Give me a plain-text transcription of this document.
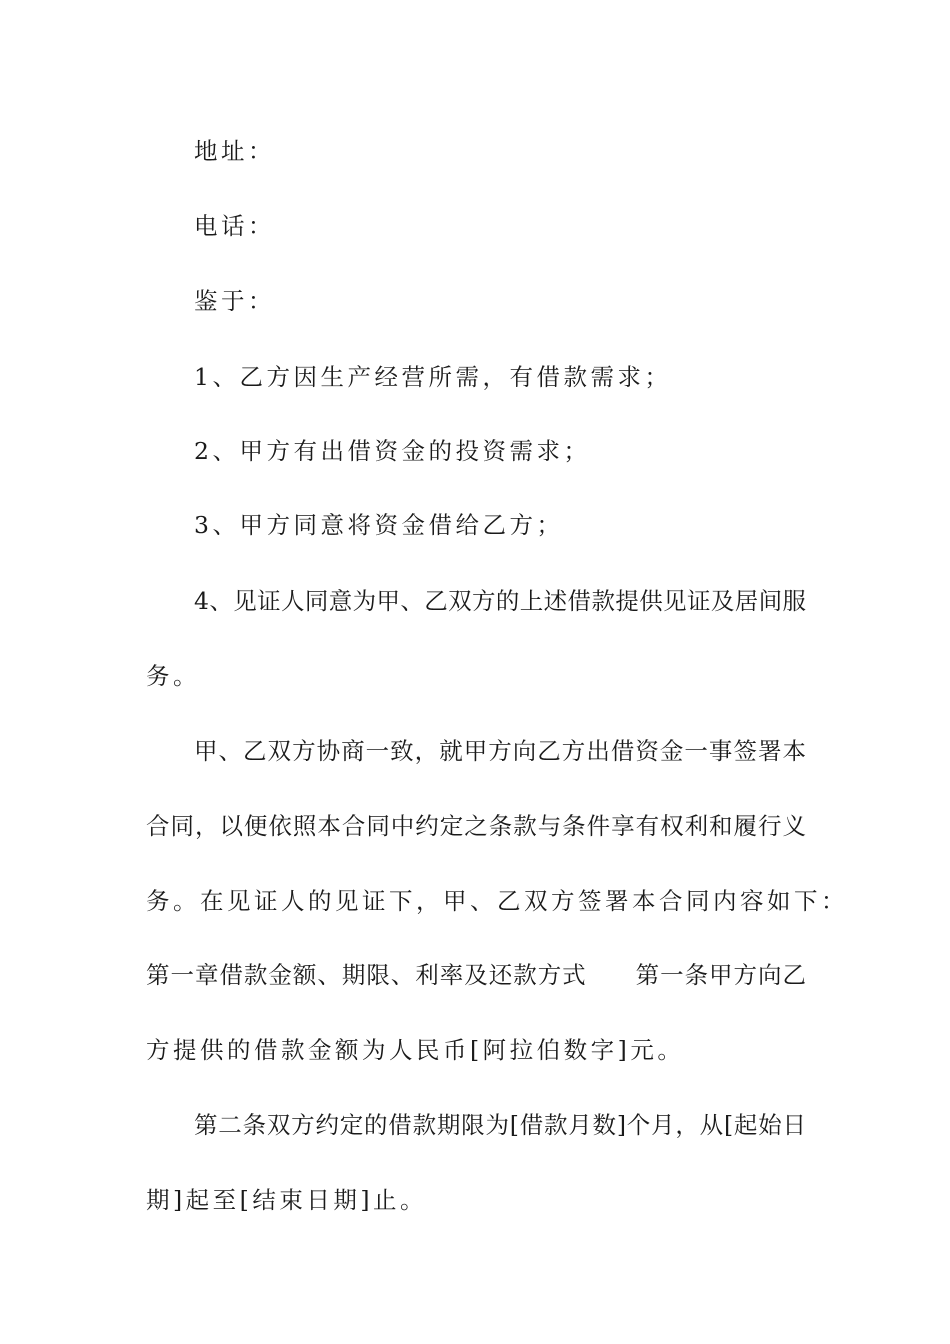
地址：
电话：
鉴于：
1、乙方因生产经营所需，有借款需求；
2、甲方有出借资金的投资需求；
3、甲方同意将资金借给乙方；
4、见证人同意为甲、乙双方的上述借款提供见证及居间服
务。
甲、乙双方协商一致，就甲方向乙方出借资金一事签署本
合同，以便依照本合同中约定之条款与条件享有权利和履行义
务。在见证人的见证下，甲、乙双方签署本合同内容如下：
第一章借款金额、期限、利率及还款方式　　第一条甲方向乙
方提供的借款金额为人民币[阿拉伯数字]元。
第二条双方约定的借款期限为[借款月数]个月，从[起始日
期]起至[结束日期]止。
